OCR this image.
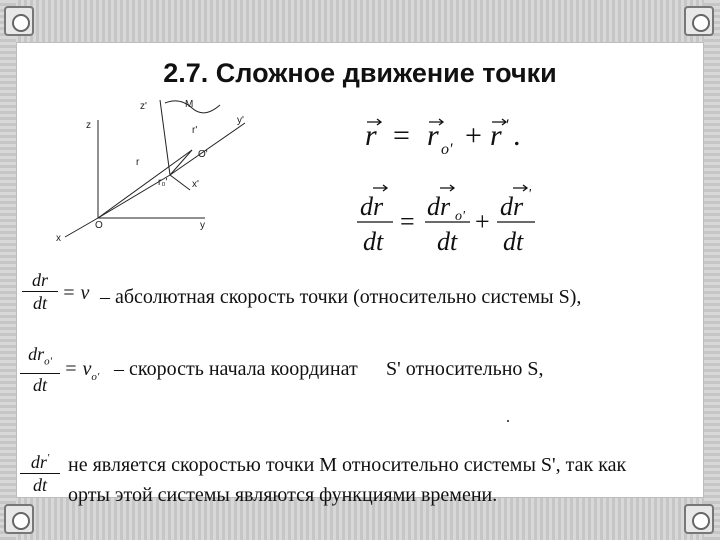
2.7. Сложное движение точки
z'	M
z	y'
r'
O'
r
r₀' x'
O
x
y
r = r o' + r ' .
dr
dt
=
dr o'
dt
+
dr '
dt
dr
dt = v – абсолютная скорость точки (относительно системы S),
$dr_{o'}$
dt
= $v_{o'}$ – скорость начала координат S' относительно S,
dr'
dt
не является скоростью точки М относительно системы S', так как
орты этой системы являются функциями времени.
